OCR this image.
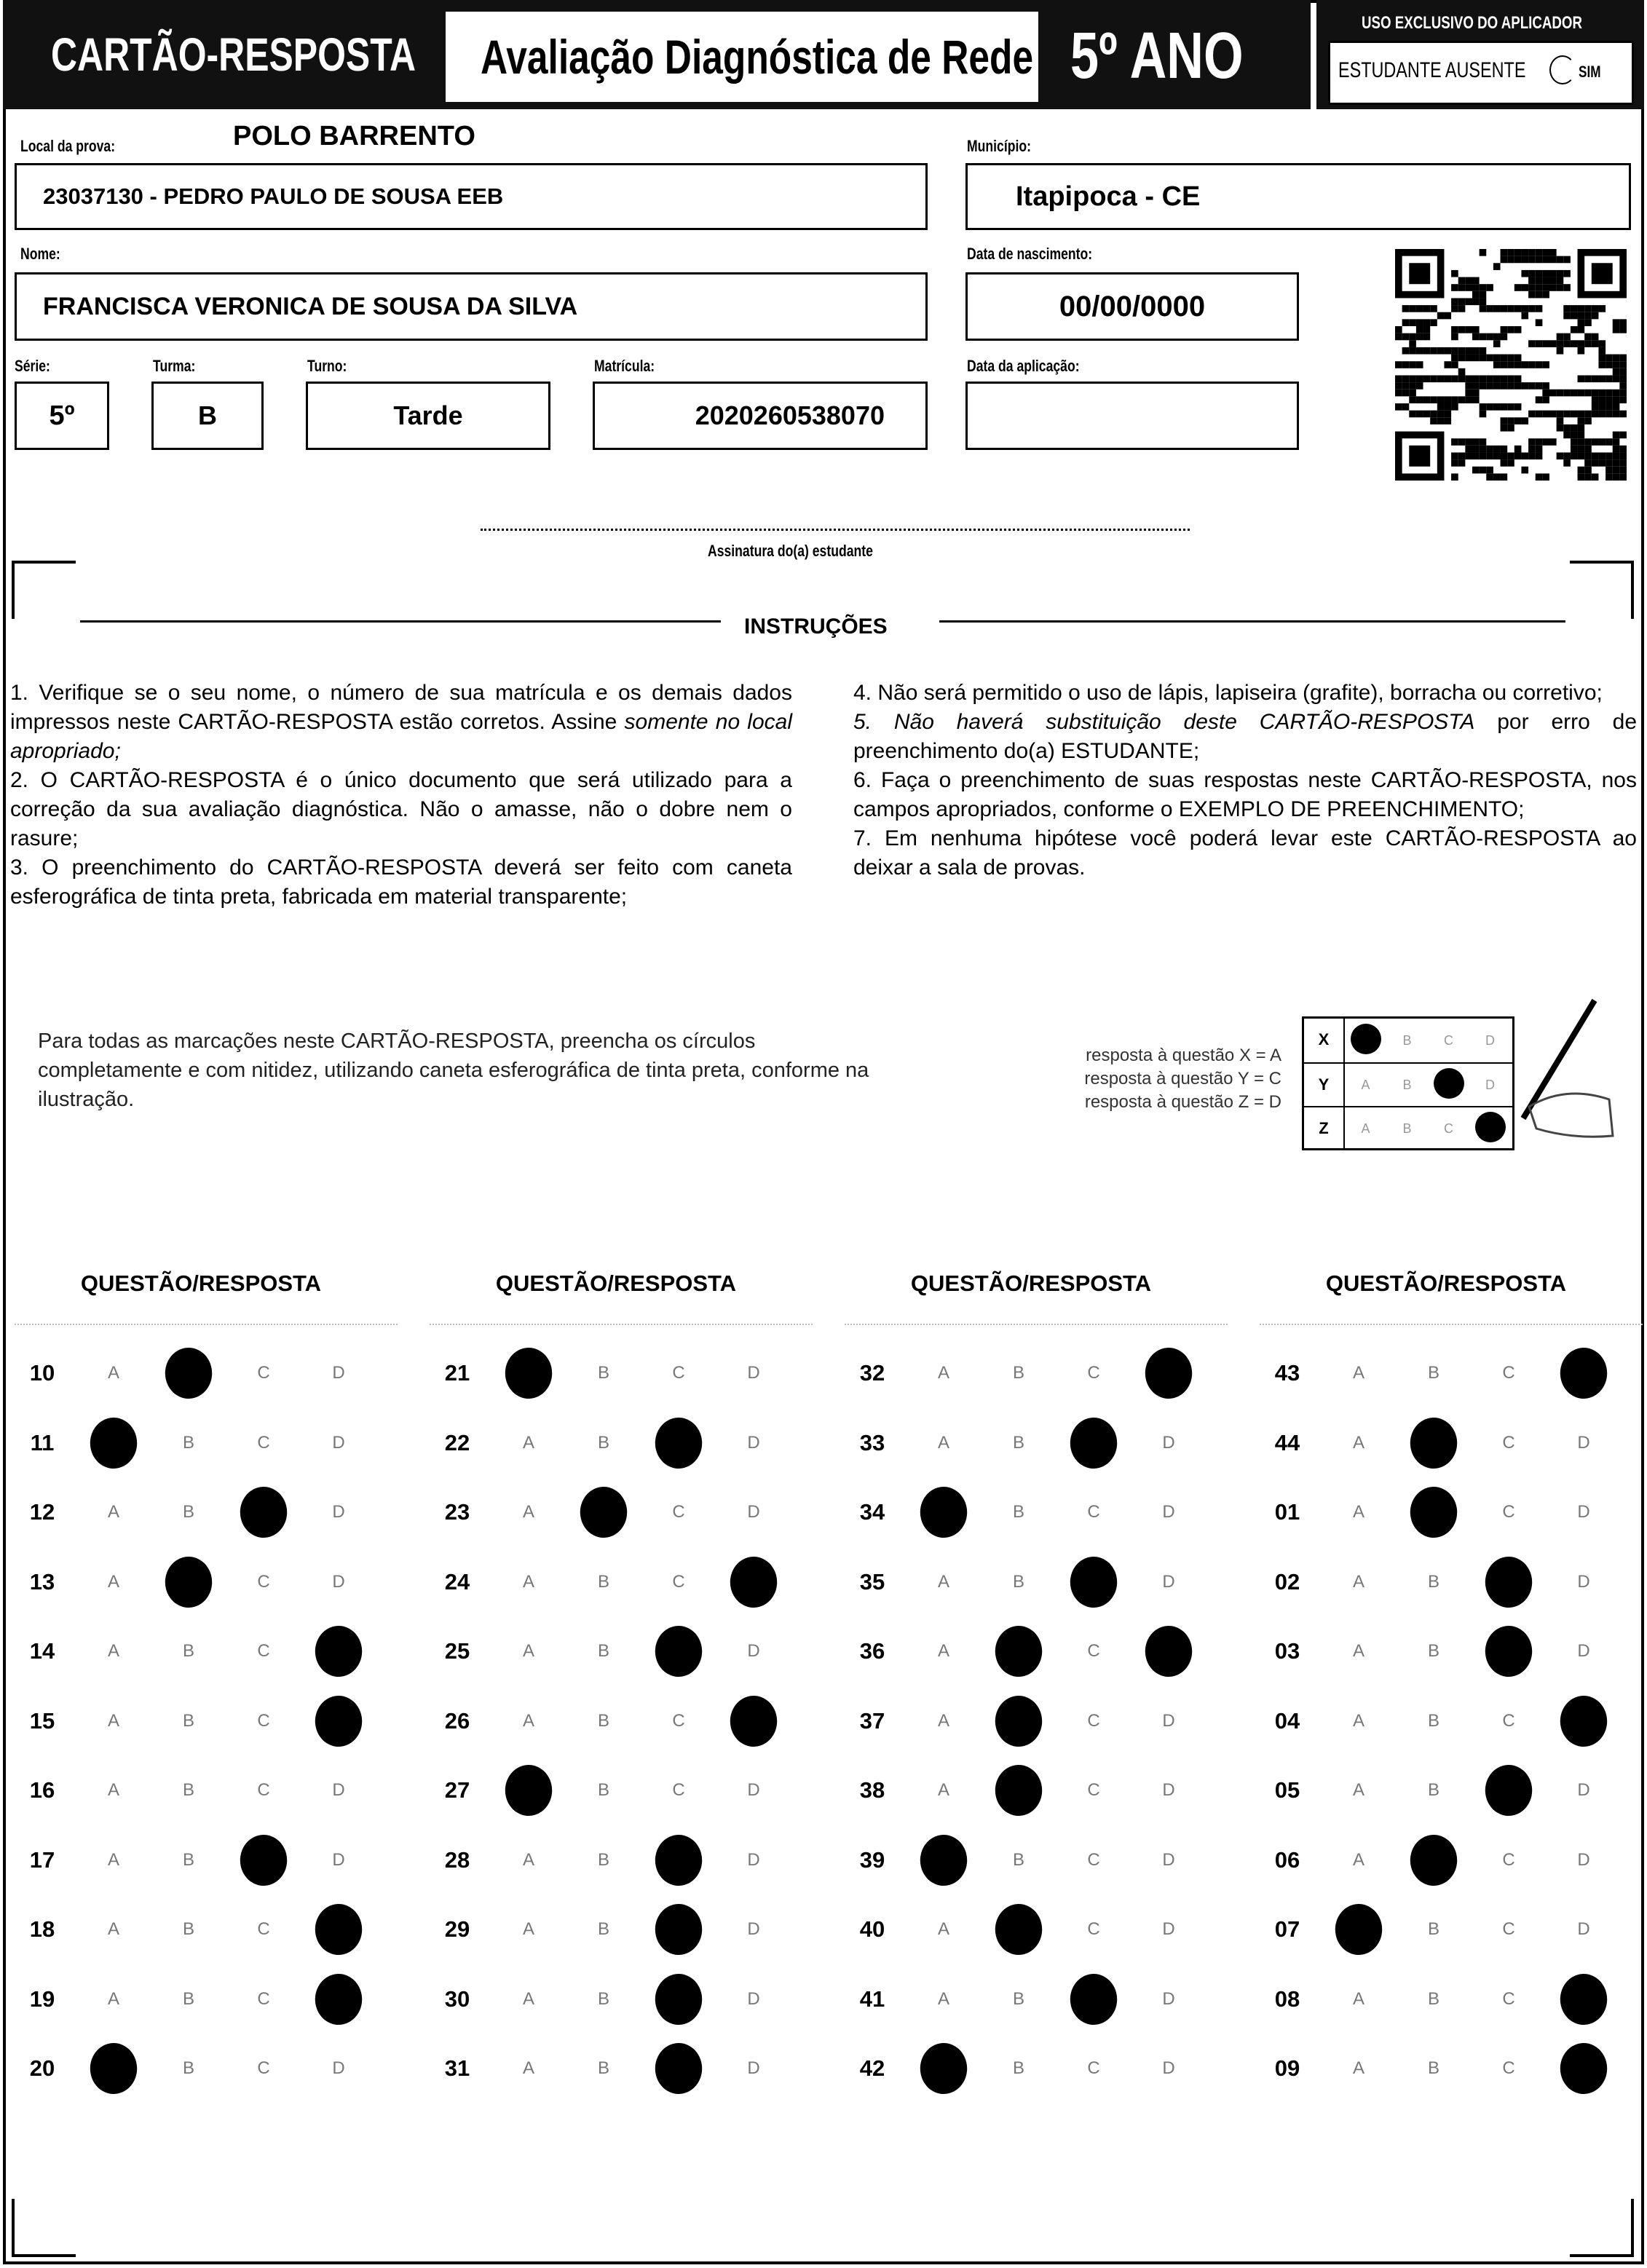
CARTÃO-RESPOSTA	Avaliação Diagnóstica de Rede 5º ANO	USO EXCLUSIVO DO APLICADOR
ESTUDANTE AUSENTE	SIM
Local da prova:	POLO BARRENTO
23037130 - PEDRO PAULO DE SOUSA EEB
Município:
Itapipoca - CE
Nome:
FRANCISCA VERONICA DE SOUSA DA SILVA
Data de nascimento:
00/00/0000
Série:
5º
Turma:
B
Turno:
Tarde
Matrícula:
2020260538070
Data da aplicação:
Assinatura do(a) estudante
INSTRUÇÕES

1. Verifique se o seu nome, o número de sua matrícula e os demais dados impressos neste CARTÃO-RESPOSTA estão corretos. Assine somente no local apropriado;

2. O CARTÃO-RESPOSTA é o único documento que será utilizado para a correção da sua avaliação diagnóstica. Não o amasse, não o dobre nem o rasure;

3. O preenchimento do CARTÃO-RESPOSTA deverá ser feito com caneta esferográfica de tinta preta, fabricada em material transparente;

4. Não será permitido o uso de lápis, lapiseira (grafite), borracha ou corretivo;

5. Não haverá substituição deste CARTÃO-RESPOSTA por erro de preenchimento do(a) ESTUDANTE;

6. Faça o preenchimento de suas respostas neste CARTÃO-RESPOSTA, nos campos apropriados, conforme o EXEMPLO DE PREENCHIMENTO;

7. Em nenhuma hipótese você poderá levar este CARTÃO-RESPOSTA ao deixar a sala de provas.

Para todas as marcações neste CARTÃO-RESPOSTA, preencha os círculos completamente e com nitidez, utilizando caneta esferográfica de tinta preta, conforme na ilustração.
resposta à questão X = A
resposta à questão Y = C
resposta à questão Z = D
X	B	C	D
Y	A	B	D
Z	A	B	C
QUESTÃO/RESPOSTA	QUESTÃO/RESPOSTA	QUESTÃO/RESPOSTA	QUESTÃO/RESPOSTA
10	A	B	C	D
11	A	B	C	D
12	A	B	C	D
13	A	B	C	D
14	A	B	C	D
15	A	B	C	D
16	A	B	C	D
17	A	B	C	D
18	A	B	C	D
19	A	B	C	D
20	A	B	C	D
21	A	B	C	D
22	A	B	C	D
23	A	B	C	D
24	A	B	C	D
25	A	B	C	D
26	A	B	C	D
27	A	B	C	D
28	A	B	C	D
29	A	B	C	D
30	A	B	C	D
31	A	B	C	D
32	A	B	C	D
33	A	B	C	D
34	A	B	C	D
35	A	B	C	D
36	A	B	C	D
37	A	B	C	D
38	A	B	C	D
39	A	B	C	D
40	A	B	C	D
41	A	B	C	D
42	A	B	C	D
43	A	B	C	D
44	A	B	C	D
01	A	B	C	D
02	A	B	C	D
03	A	B	C	D
04	A	B	C	D
05	A	B	C	D
06	A	B	C	D
07	A	B	C	D
08	A	B	C	D
09	A	B	C	D
